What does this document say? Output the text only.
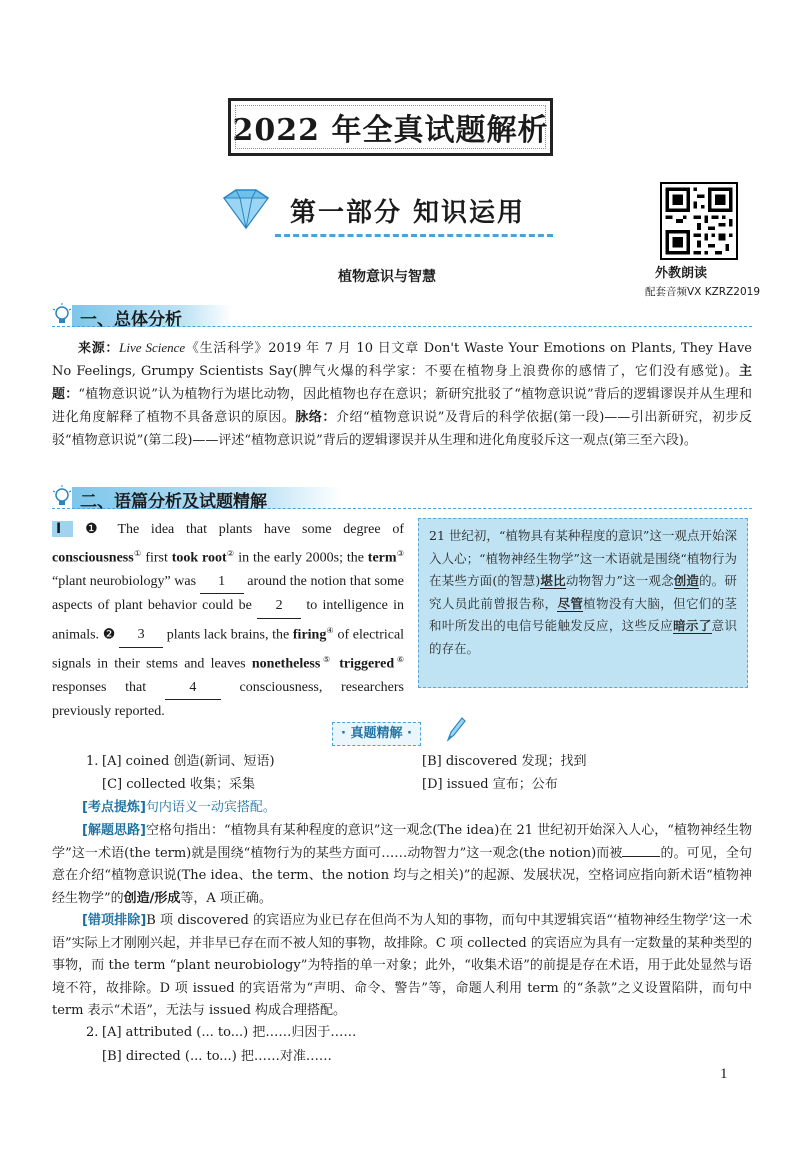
2022 年全真试题解析
第一部分 知识运用
外教朗读
配套音频VX KZRZ2019
植物意识与智慧
一、总体分析
来源：Live Science《生活科学》2019 年 7 月 10 日文章 Don't Waste Your Emotions on Plants, They Have No Feelings, Grumpy Scientists Say(脾气火爆的科学家：不要在植物身上浪费你的感情了，它们没有感觉)。主题：“植物意识说”认为植物行为堪比动物，因此植物也存在意识；新研究批驳了“植物意识说”背后的逻辑谬误并从生理和进化角度解释了植物不具备意识的原因。脉络：介绍“植物意识说”及背后的科学依据(第一段)——引出新研究，初步反驳“植物意识说”(第二段)——评述“植物意识说”背后的逻辑谬误并从生理和进化角度驳斥这一观点(第三至六段)。
二、语篇分析及试题精解
Ⅰ ❶ The idea that plants have some degree of consciousness① first took root② in the early 2000s; the term③ “plant neurobiology” was 1 around the notion that some aspects of plant behavior could be 2 to intelligence in animals. ❷ 3 plants lack brains, the firing④ of electrical signals in their stems and leaves nonetheless⑤ triggered⑥ responses that	4	consciousness, researchers previously reported.
21 世纪初，“植物具有某种程度的意识”这一观点开始深入人心；“植物神经生物学”这一术语就是围绕“植物行为在某些方面(的智慧)堪比动物智力”这一观念创造的。研究人员此前曾报告称，尽管植物没有大脑，但它们的茎和叶所发出的电信号能触发反应，这些反应暗示了意识的存在。
· 真题精解 ·
1. [A] coined 创造(新词、短语)	[B] discovered 发现；找到
[C] collected 收集；采集	[D] issued 宣布；公布
[考点提炼]句内语义一动宾搭配。
[解题思路]空格句指出：“植物具有某种程度的意识”这一观念(The idea)在 21 世纪初开始深入人心，“植物神经生物学”这一术语(the term)就是围绕“植物行为的某些方面可……动物智力”这一观念(the notion)而被	的。可见，全句意在介绍“植物意识说(The idea、the term、the notion 均与之相关)”的起源、发展状况，空格词应指向新术语“植物神经生物学”的创造/形成等，A 项正确。
[错项排除]B 项 discovered 的宾语应为业已存在但尚不为人知的事物，而句中其逻辑宾语“‘植物神经生物学’这一术语”实际上才刚刚兴起，并非早已存在而不被人知的事物，故排除。C 项 collected 的宾语应为具有一定数量的某种类型的事物，而 the term “plant neurobiology”为特指的单一对象；此外，“收集术语”的前提是存在术语，用于此处显然与语境不符，故排除。D 项 issued 的宾语常为“声明、命令、警告”等，命题人利用 term 的“条款”之义设置陷阱，而句中 term 表示“术语”，无法与 issued 构成合理搭配。
2. [A] attributed (... to...) 把……归因于……
[B] directed (... to...) 把……对准……
1
